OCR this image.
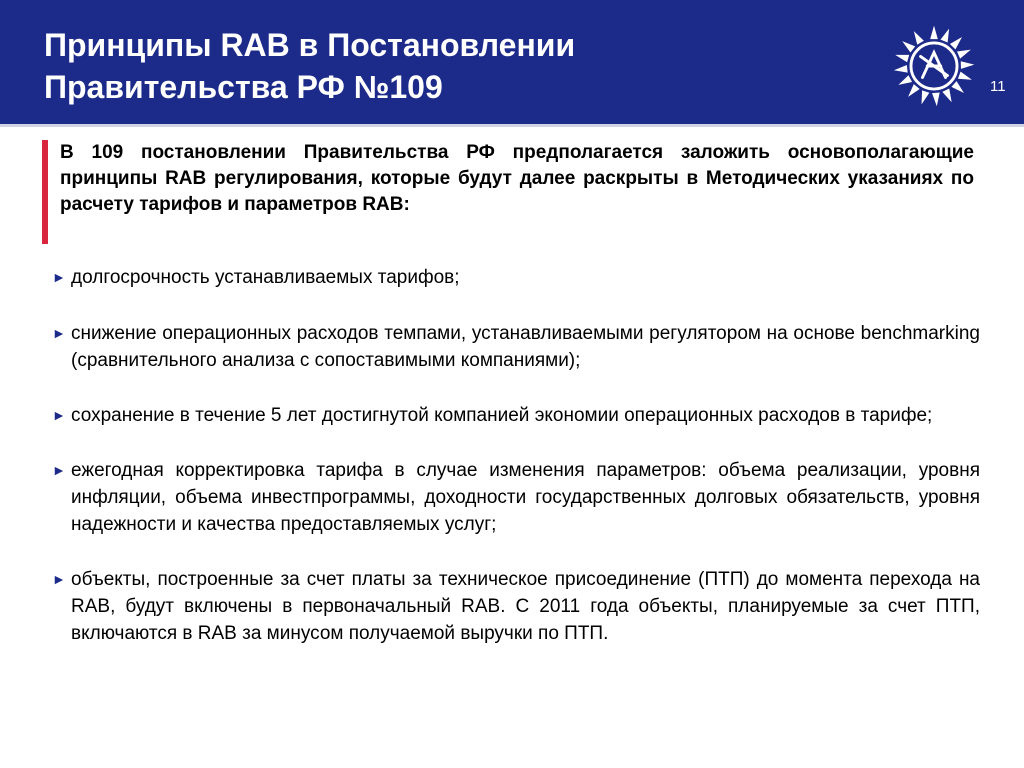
Принципы RAB в Постановлении
Правительства РФ №109	11

В 109 постановлении Правительства РФ предполагается заложить основополагающие принципы RAB регулирования, которые будут далее раскрыты в Методических указаниях по расчету тарифов и параметров RAB:

► долгосрочность устанавливаемых тарифов;
► снижение операционных расходов темпами, устанавливаемыми регулятором на основе benchmarking (сравнительного анализа с сопоставимыми компаниями);
► сохранение в течение 5 лет достигнутой компанией экономии операционных расходов в тарифе;
► ежегодная корректировка тарифа в случае изменения параметров: объема реализации, уровня инфляции, объема инвестпрограммы, доходности государственных долговых обязательств, уровня надежности и качества предоставляемых услуг;
► объекты, построенные за счет платы за техническое присоединение (ПТП) до момента перехода на RAB, будут включены в первоначальный RAB. С 2011 года объекты, планируемые за счет ПТП, включаются в RAB за минусом получаемой выручки по ПТП.
